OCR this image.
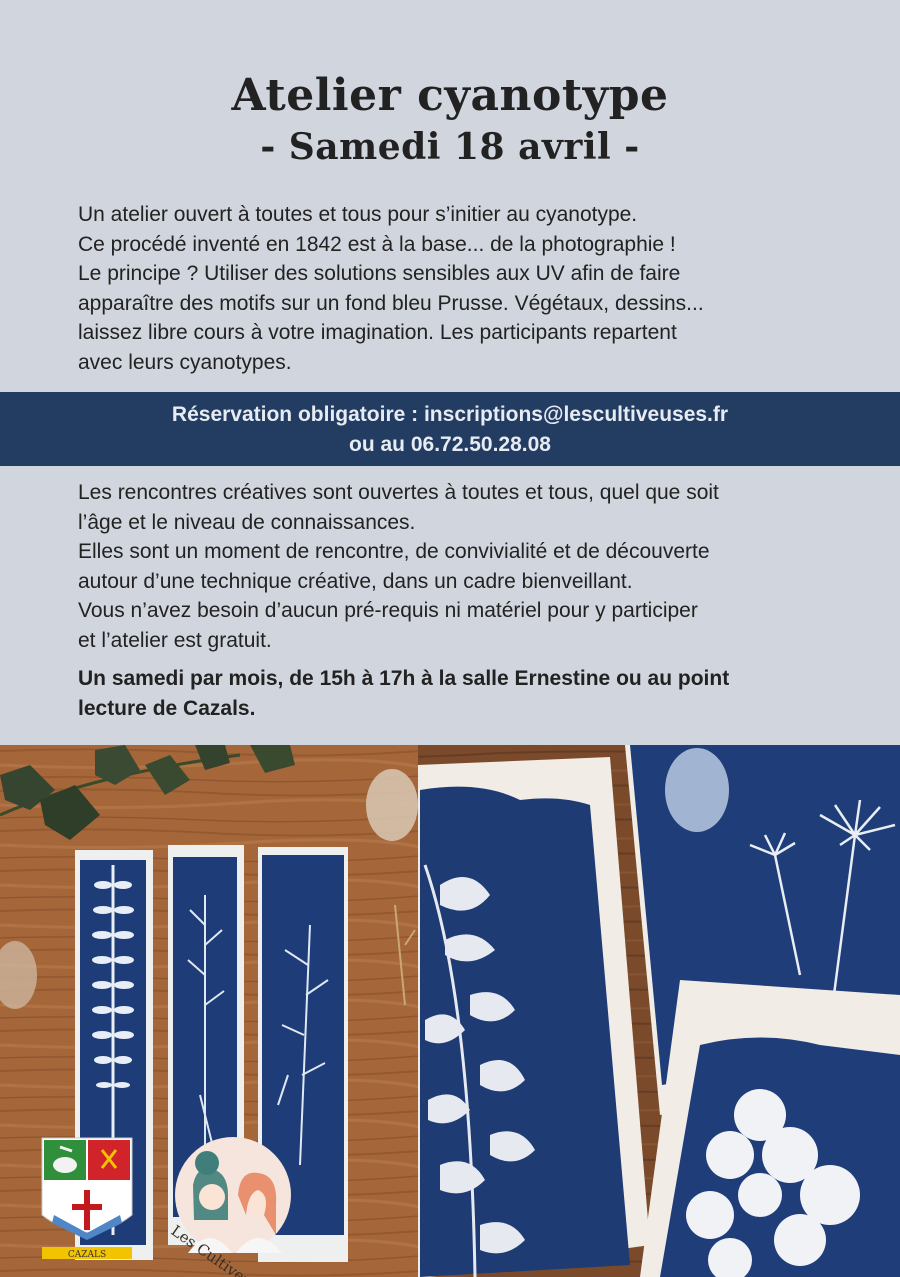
Atelier cyanotype
- Samedi 18 avril -
Un atelier ouvert à toutes et tous pour s’initier au cyanotype.
Ce procédé inventé en 1842 est à la base... de la photographie !
Le principe ? Utiliser des solutions sensibles aux UV afin de faire
apparaître des motifs sur un fond bleu Prusse. Végétaux, dessins...
laissez libre cours à votre imagination. Les participants repartent
avec leurs cyanotypes.
Réservation obligatoire : inscriptions@lescultiveuses.fr
ou au 06.72.50.28.08

Les rencontres créatives sont ouvertes à toutes et tous, quel que soit

l’âge et le niveau de connaissances.

Elles sont un moment de rencontre, de convivialité et de découverte

autour d’une technique créative, dans un cadre bienveillant.

Vous n’avez besoin d’aucun pré-requis ni matériel pour y participer

et l’atelier est gratuit.

Un samedi par mois, de 15h à 17h à la salle Ernestine ou au point

lecture de Cazals.

CAZALS
Les
